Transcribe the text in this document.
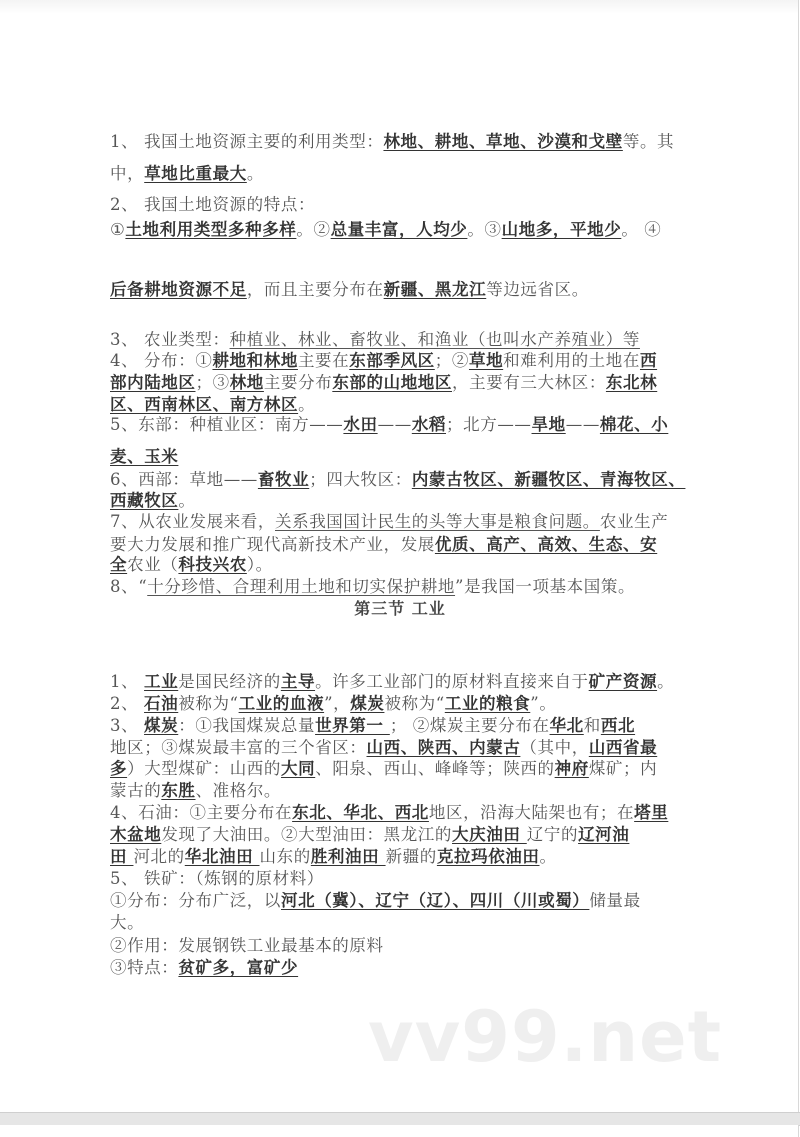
1、 我国土地资源主要的利用类型：林地、耕地、草地、沙漠和戈壁等。其
中，草地比重最大。
2、 我国土地资源的特点：
①土地利用类型多种多样。②总量丰富，人均少。③山地多，平地少。 ④
后备耕地资源不足，而且主要分布在新疆、黑龙江等边远省区。
3、 农业类型：种植业、林业、畜牧业、和渔业（也叫水产养殖业）等
4、 分布：①耕地和林地主要在东部季风区；②草地和难利用的土地在西
部内陆地区；③林地主要分布东部的山地地区，主要有三大林区：东北林
区、西南林区、南方林区。
5、东部：种植业区：南方——水田——水稻；北方——旱地——棉花、小
麦、玉米
6、西部：草地——畜牧业；四大牧区：内蒙古牧区、新疆牧区、青海牧区、
西藏牧区。
7、从农业发展来看，关系我国国计民生的头等大事是粮食问题。农业生产
要大力发展和推广现代高新技术产业，发展优质、高产、高效、生态、安
全农业（科技兴农）。
8、“十分珍惜、合理利用土地和切实保护耕地”是我国一项基本国策。
1、 工业是国民经济的主导。许多工业部门的原材料直接来自于矿产资源。
2、 石油被称为“工业的血液”，煤炭被称为“工业的粮食”。
3、 煤炭：①我国煤炭总量世界第一 ； ②煤炭主要分布在华北和西北
地区；③煤炭最丰富的三个省区：山西、陕西、内蒙古（其中，山西省最
多）大型煤矿：山西的大同、阳泉、西山、峰峰等；陕西的神府煤矿；内
蒙古的东胜、准格尔。
4、石油：①主要分布在东北、华北、西北地区，沿海大陆架也有；在塔里
木盆地发现了大油田。②大型油田：黑龙江的大庆油田 辽宁的辽河油
田 河北的华北油田 山东的胜利油田 新疆的克拉玛依油田。
5、 铁矿：（炼钢的原材料）
①分布：分布广泛，以河北（冀）、辽宁（辽）、四川（川或蜀）储量最
大。
②作用：发展钢铁工业最基本的原料
③特点：贫矿多，富矿少
第三节 工业
vv99.net
